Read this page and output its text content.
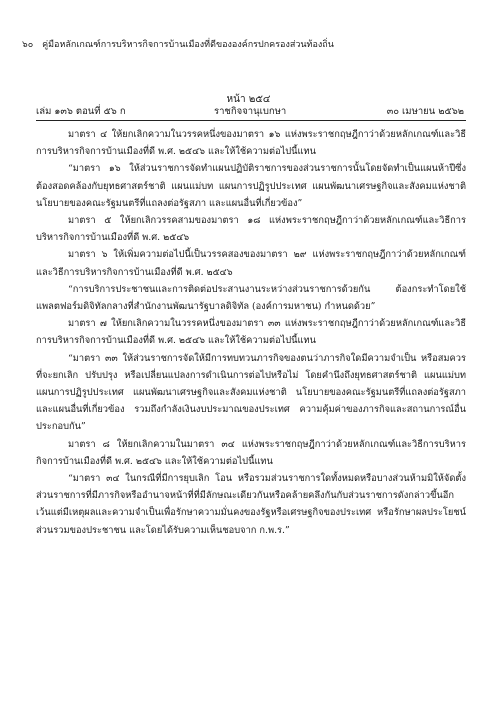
๖๐ คู่มือหลักเกณฑ์การบริหารกิจการบ้านเมืองที่ดีขององค์กรปกครองส่วนท้องถิ่น
หน้า ๒๕๔
เล่ม ๑๓๖ ตอนที่ ๕๖ ก	ราชกิจจานุเบกษา	๓๐ เมษายน ๒๕๖๒

มาตรา ๔ ให้ยกเลิกความในวรรคหนึ่งของมาตรา ๑๖ แห่งพระราชกฤษฎีกาว่าด้วยหลักเกณฑ์และวิธีการบริหารกิจการบ้านเมืองที่ดี พ.ศ. ๒๕๔๖ และให้ใช้ความต่อไปนี้แทน

“มาตรา ๑๖ ให้ส่วนราชการจัดทำแผนปฏิบัติราชการของส่วนราชการนั้นโดยจัดทำเป็นแผนห้าปีซึ่งต้องสอดคล้องกับยุทธศาสตร์ชาติ แผนแม่บท แผนการปฏิรูปประเทศ แผนพัฒนาเศรษฐกิจและสังคมแห่งชาติ นโยบายของคณะรัฐมนตรีที่แถลงต่อรัฐสภา และแผนอื่นที่เกี่ยวข้อง”

มาตรา ๕ ให้ยกเลิกวรรคสามของมาตรา ๑๘ แห่งพระราชกฤษฎีกาว่าด้วยหลักเกณฑ์และวิธีการบริหารกิจการบ้านเมืองที่ดี พ.ศ. ๒๕๔๖

มาตรา ๖ ให้เพิ่มความต่อไปนี้เป็นวรรคสองของมาตรา ๒๙ แห่งพระราชกฤษฎีกาว่าด้วยหลักเกณฑ์และวิธีการบริหารกิจการบ้านเมืองที่ดี พ.ศ. ๒๕๔๖

“การบริการประชาชนและการติดต่อประสานงานระหว่างส่วนราชการด้วยกัน ต้องกระทำโดยใช้แพลตฟอร์มดิจิทัลกลางที่สำนักงานพัฒนารัฐบาลดิจิทัล (องค์การมหาชน) กำหนดด้วย”

มาตรา ๗ ให้ยกเลิกความในวรรคหนึ่งของมาตรา ๓๓ แห่งพระราชกฤษฎีกาว่าด้วยหลักเกณฑ์และวิธีการบริหารกิจการบ้านเมืองที่ดี พ.ศ. ๒๕๔๖ และให้ใช้ความต่อไปนี้แทน

“มาตรา ๓๓ ให้ส่วนราชการจัดให้มีการทบทวนภารกิจของตนว่าภารกิจใดมีความจำเป็น หรือสมควรที่จะยกเลิก ปรับปรุง หรือเปลี่ยนแปลงการดำเนินการต่อไปหรือไม่ โดยคำนึงถึงยุทธศาสตร์ชาติ แผนแม่บท แผนการปฏิรูปประเทศ แผนพัฒนาเศรษฐกิจและสังคมแห่งชาติ นโยบายของคณะรัฐมนตรีที่แถลงต่อรัฐสภา และแผนอื่นที่เกี่ยวข้อง รวมถึงกำลังเงินงบประมาณของประเทศ ความคุ้มค่าของภารกิจและสถานการณ์อื่นประกอบกัน”

มาตรา ๘ ให้ยกเลิกความในมาตรา ๓๔ แห่งพระราชกฤษฎีกาว่าด้วยหลักเกณฑ์และวิธีการบริหารกิจการบ้านเมืองที่ดี พ.ศ. ๒๕๔๖ และให้ใช้ความต่อไปนี้แทน

“มาตรา ๓๔ ในกรณีที่มีการยุบเลิก โอน หรือรวมส่วนราชการใดทั้งหมดหรือบางส่วนห้ามมิให้จัดตั้งส่วนราชการที่มีภารกิจหรืออำนาจหน้าที่ที่มีลักษณะเดียวกันหรือคล้ายคลึงกันกับส่วนราชการดังกล่าวขึ้นอีก เว้นแต่มีเหตุผลและความจำเป็นเพื่อรักษาความมั่นคงของรัฐหรือเศรษฐกิจของประเทศ หรือรักษาผลประโยชน์ส่วนรวมของประชาชน และโดยได้รับความเห็นชอบจาก ก.พ.ร.”
